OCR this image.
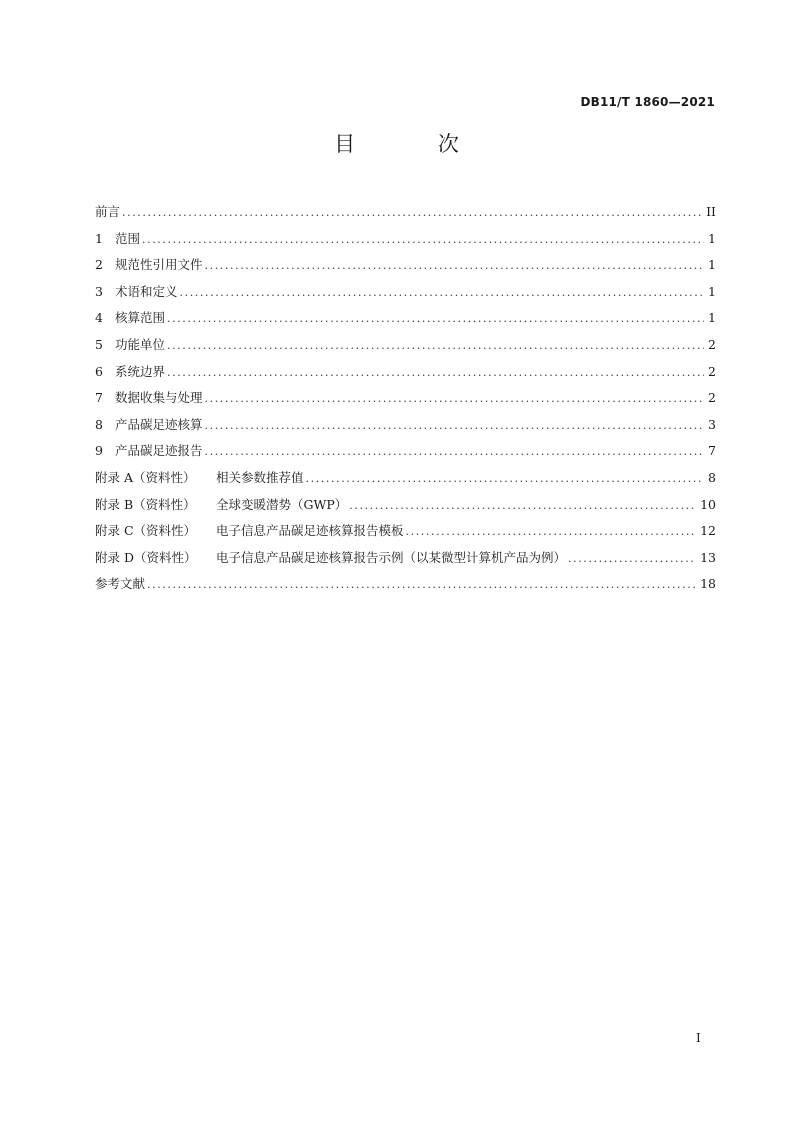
DB11/T 1860—2021
目 次
前言 .....	II
1 范围 .....	1
2 规范性引用文件 .....	1
3 术语和定义 .....	1
4 核算范围 .....	1
5 功能单位 .....	2
6 系统边界 .....	2
7 数据收集与处理 .....	2
8 产品碳足迹核算 .....	3
9 产品碳足迹报告 .....	7
附录 A（资料性） 相关参数推荐值 .....	8
附录 B（资料性） 全球变暖潜势（GWP） .....	10
附录 C（资料性） 电子信息产品碳足迹核算报告模板 .....	12
附录 D（资料性） 电子信息产品碳足迹核算报告示例（以某微型计算机产品为例） .....	13
参考文献 .....	18
I
